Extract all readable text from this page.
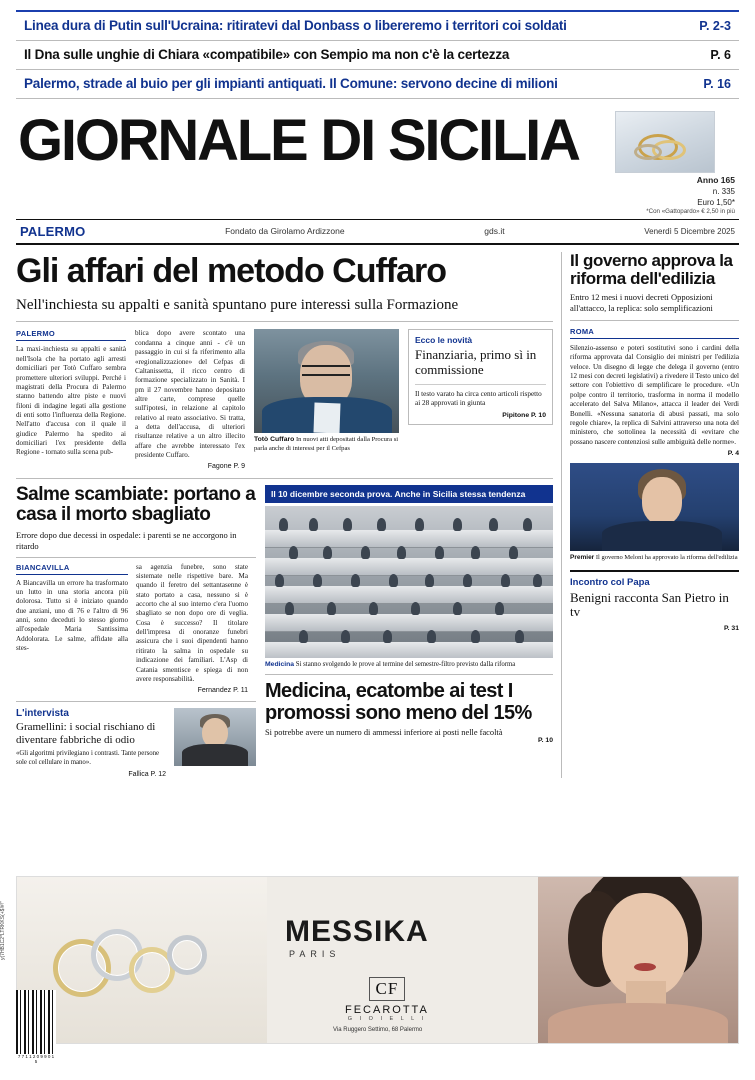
Linea dura di Putin sull'Ucraina: ritiratevi dal Donbass o libereremo i territori coi soldati	P. 2-3
Il Dna sulle unghie di Chiara «compatibile» con Sempio ma non c'è la certezza	P. 6
Palermo, strade al buio per gli impianti antiquati. Il Comune: servono decine di milioni	P. 16
GIORNALE DI SICILIA
Anno 165
n. 335
Euro 1,50*
*Con «Gattopardo» € 2,50 in più
PALERMO	Fondato da Girolamo Ardizzone	gds.it	Venerdì 5 Dicembre 2025
Gli affari del metodo Cuffaro
Nell'inchiesta su appalti e sanità spuntano pure interessi sulla Formazione
PALERMO
La maxi-inchiesta su appalti e sanità nell'Isola che ha portato agli arresti domiciliari per Totò Cuffaro sembra promettere ulteriori sviluppi. Perché i magistrati della Procura di Palermo stanno battendo altre piste e nuovi filoni di indagine legati alla gestione di enti sotto l'influenza della Regione. Nell'atto d'accusa con il quale il giudice Palermo ha spedito ai domiciliari l'ex presidente della Regione - tornato sulla scena pub-
blica dopo avere scontato una condanna a cinque anni - c'è un passaggio in cui si fa riferimento alla «regionalizzazione» del Cefpas di Caltanissetta, il ricco centro di formazione specializzato in Sanità. I pm il 27 novembre hanno depositato altre carte, comprese quelle sull'ipotesi, in relazione al capitolo relativo al reato associativo. Si tratta, a detta dell'accusa, di ulteriori risultanze relative a un altro illecito affare che avrebbe interessato l'ex presidente Cuffaro.
Fagone P. 9
Totò Cuffaro In nuovi atti depositati dalla Procura si parla anche di interessi per il Cefpas
Ecco le novità
Finanziaria, primo sì in commissione
Il testo varato ha circa cento articoli rispetto ai 28 approvati in giunta
Pipitone P. 10
Salme scambiate: portano a casa il morto sbagliato
Errore dopo due decessi in ospedale: i parenti se ne accorgono in ritardo
BIANCAVILLA
A Biancavilla un errore ha trasformato un lutto in una storia ancora più dolorosa. Tutto si è iniziato quando due anziani, uno di 76 e l'altro di 96 anni, sono deceduti lo stesso giorno all'ospedale Maria Santissima Addolorata. Le salme, affidate alla stes-
sa agenzia funebre, sono state sistemate nelle rispettive bare. Ma quando il feretro del settantasenne è stato portato a casa, nessuno si è accorto che al suo interno c'era l'uomo sbagliato se non dopo ore di veglia. Cosa è successo? Il titolare dell'impresa di onoranze funebri assicura che i suoi dipendenti hanno ritirato la salma in ospedale su indicazione dei familiari. L'Asp di Catania smentisce e spiega di non avere responsabilità.
Fernandez P. 11
L'intervista
Gramellini: i social rischiano di diventare fabbriche di odio
«Gli algoritmi privilegiano i contrasti. Tante persone sole col cellulare in mano».
Fallica P. 12
Il 10 dicembre seconda prova. Anche in Sicilia stessa tendenza
Medicina Si stanno svolgendo le prove al termine del semestre-filtro previsto dalla riforma
Medicina, ecatombe ai test I promossi sono meno del 15%
Si potrebbe avere un numero di ammessi inferiore ai posti nelle facoltà
P. 10
Il governo approva la riforma dell'edilizia
Entro 12 mesi i nuovi decreti Opposizioni all'attacco, la replica: solo semplificazioni
ROMA
Silenzio-assenso e poteri sostitutivi sono i cardini della riforma approvata dal Consiglio dei ministri per l'edilizia veloce. Un disegno di legge che delega il governo (entro 12 mesi con decreti legislativi) a rivedere il Testo unico del settore con l'obiettivo di semplificare le procedure. «Un polpe contro il territorio, trasforma in norma il modello accelerato del Salva Milano», attacca il leader dei Verdi Bonelli. «Nessuna sanatoria di abusi passati, ma solo regole chiare», la replica di Salvini attraverso una nota del ministero, che sottolinea la necessità di «evitare che possano nascere contenziosi sulle ambiguità delle norme».
P. 4
Premier Il governo Meloni ha approvato la riforma dell'edilizia
Incontro col Papa
Benigni racconta San Pietro in tv
P. 31
MESSIKA
PARIS
CF
FECAROTTA
G I O I E L L I
Via Ruggero Settimo, 68 Palermo
7 7 1 1 2 0 9 9 0 1 5
y(7HB1C2*LTRKKS(+$!#!"
